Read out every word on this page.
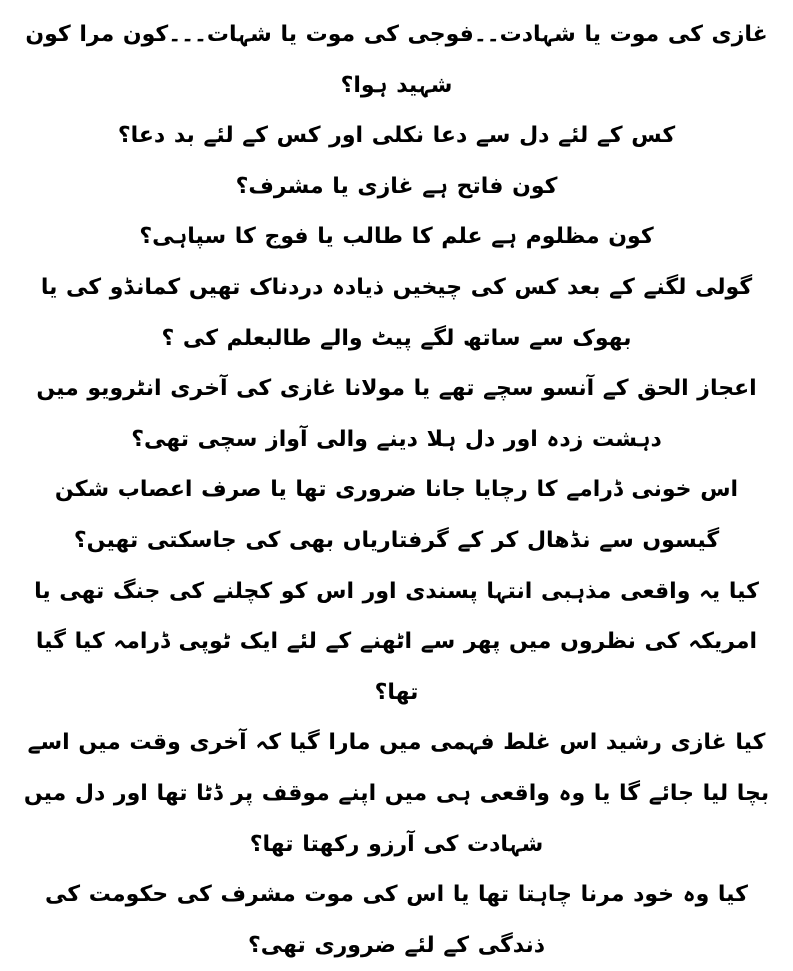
غازی کی موت یا شہادت۔۔فوجی کی موت یا شہات۔۔۔کون مرا کون شہید ہوا؟

کس کے لئے دل سے دعا نکلی اور کس کے لئے بد دعا؟

کون فاتح ہے غازی یا مشرف؟

کون مظلوم ہے علم کا طالب یا فوج کا سپاہی؟

گولی لگنے کے بعد کس کی چیخیں ذیادہ دردناک تھیں کمانڈو کی یا بھوک سے ساتھ لگے پیٹ والے طالبعلم کی ؟

اعجاز الحق کے آنسو سچے تھے یا مولانا غازی کی آخری انٹرویو میں دہشت زدہ اور دل ہلا دینے والی آواز سچی تھی؟

اس خونی ڈرامے کا رچایا جانا ضروری تھا یا صرف اعصاب شکن گیسوں سے نڈھال کر کے گرفتاریاں بھی کی جاسکتی تھیں؟

کیا یہ واقعی مذہبی انتہا پسندی اور اس کو کچلنے کی جنگ تھی یا امریکہ کی نظروں میں پھر سے اٹھنے کے لئے ایک ٹوپی ڈرامہ کیا گیا تھا؟

کیا غازی رشید اس غلط فہمی میں مارا گیا کہ آخری وقت میں اسے بچا لیا جائے گا یا وہ واقعی ہی میں اپنے موقف پر ڈٹا تھا اور دل میں شہادت کی آرزو رکھتا تھا؟

کیا وہ خود مرنا چاہتا تھا یا اس کی موت مشرف کی حکومت کی ذندگی کے لئے ضروری تھی؟
